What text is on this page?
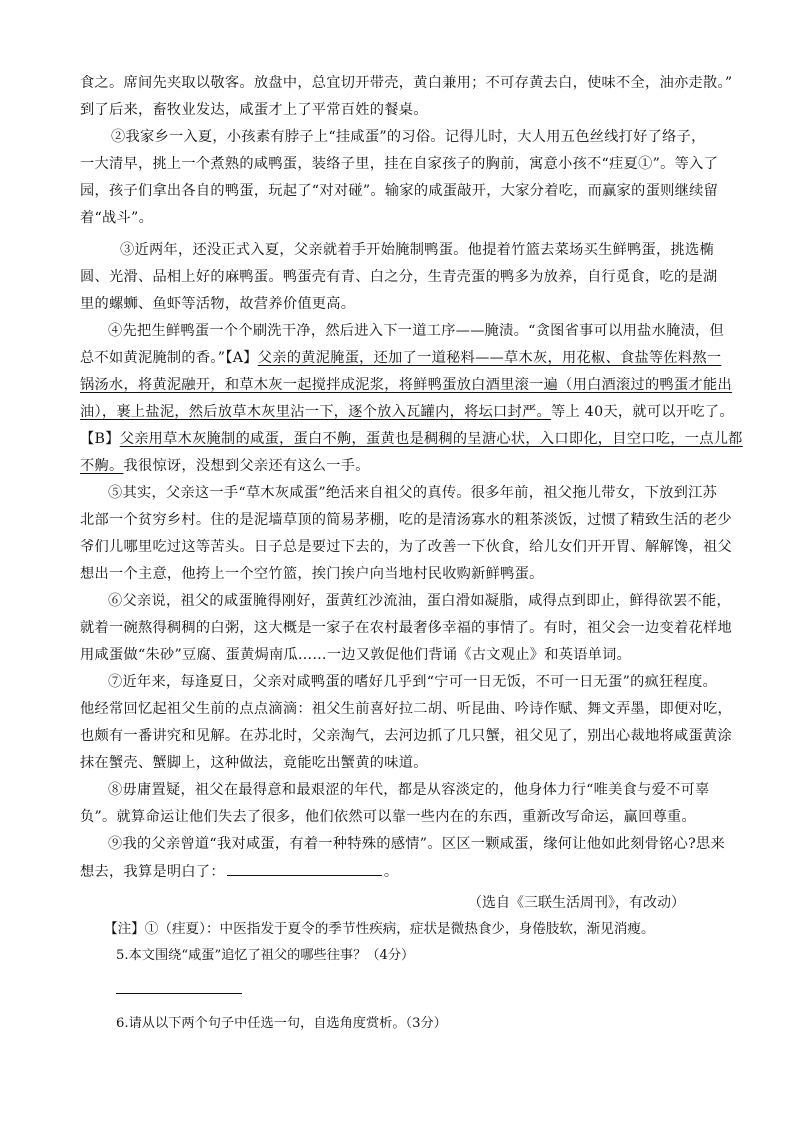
食之。席间先夹取以敬客。放盘中，总宜切开带壳，黄白兼用；不可存黄去白，使味不全，油亦走散。”
到了后来，畜牧业发达，咸蛋才上了平常百姓的餐桌。
②我家乡一入夏，小孩素有脖子上“挂咸蛋”的习俗。记得儿时，大人用五色丝线打好了络子，
一大清早，挑上一个煮熟的咸鸭蛋，装络子里，挂在自家孩子的胸前，寓意小孩不“疰夏①”。等入了
园，孩子们拿出各自的鸭蛋，玩起了“对对碰”。输家的咸蛋敲开，大家分着吃，而赢家的蛋则继续留
着“战斗”。
③近两年，还没正式入夏，父亲就着手开始腌制鸭蛋。他提着竹篮去菜场买生鲜鸭蛋，挑选椭
圆、光滑、品相上好的麻鸭蛋。鸭蛋壳有青、白之分，生青壳蛋的鸭多为放养，自行觅食，吃的是湖
里的螺蛳、鱼虾等活物，故营养价值更高。
④先把生鲜鸭蛋一个个刷洗干净，然后进入下一道工序——腌渍。“贪图省事可以用盐水腌渍，但
总不如黄泥腌制的香。”【A】父亲的黄泥腌蛋，还加了一道秘料——草木灰，用花椒、食盐等佐料熬一
锅汤水，将黄泥融开，和草木灰一起搅拌成泥浆，将鲜鸭蛋放白酒里滚一遍（用白酒滚过的鸭蛋才能出
油），裹上盐泥，然后放草木灰里沾一下，逐个放入瓦罐内，将坛口封严。等上 40天，就可以开吃了。
【B】父亲用草木灰腌制的咸蛋，蛋白不齁，蛋黄也是稠稠的呈溏心状，入口即化，目空口吃，一点儿都
不齁。我很惊讶，没想到父亲还有这么一手。
⑤其实，父亲这一手“草木灰咸蛋”绝活来自祖父的真传。很多年前，祖父拖儿带女，下放到江苏
北部一个贫穷乡村。住的是泥墙草顶的简易茅棚，吃的是清汤寡水的粗茶淡饭，过惯了精致生活的老少
爷们儿哪里吃过这等苦头。日子总是要过下去的，为了改善一下伙食，给儿女们开开胃、解解馋，祖父
想出一个主意，他挎上一个空竹篮，挨门挨户向当地村民收购新鲜鸭蛋。
⑥父亲说，祖父的咸蛋腌得刚好，蛋黄红沙流油，蛋白滑如凝脂，咸得点到即止，鲜得欲罢不能，
就着一碗熬得稠稠的白粥，这大概是一家子在农村最奢侈幸福的事情了。有时，祖父会一边变着花样地
用咸蛋做“朱砂”豆腐、蛋黄焗南瓜……一边又敦促他们背诵《古文观止》和英语单词。
⑦近年来，每逢夏日，父亲对咸鸭蛋的嗜好几乎到“宁可一日无饭，不可一日无蛋”的疯狂程度。
他经常回忆起祖父生前的点点滴滴：祖父生前喜好拉二胡、听昆曲、吟诗作赋、舞文弄墨，即便对吃，
也颇有一番讲究和见解。在苏北时，父亲淘气，去河边抓了几只蟹，祖父见了，别出心裁地将咸蛋黄涂
抹在蟹壳、蟹脚上，这种做法，竟能吃出蟹黄的味道。
⑧毋庸置疑，祖父在最得意和最艰涩的年代，都是从容淡定的，他身体力行“唯美食与爱不可辜
负”。就算命运让他们失去了很多，他们依然可以靠一些内在的东西，重新改写命运，赢回尊重。
⑨我的父亲曾道“我对咸蛋，有着一种特殊的感情”。区区一颗咸蛋，缘何让他如此刻骨铭心?思来
想去，我算是明白了：	。
（选自《三联生活周刊》，有改动）
【注】①（疰夏）：中医指发于夏令的季节性疾病，症状是微热食少，身倦肢软，渐见消瘦。
5.本文围绕“咸蛋”追忆了祖父的哪些往事？（4分）
6.请从以下两个句子中任选一句，自选角度赏析。（3分）
